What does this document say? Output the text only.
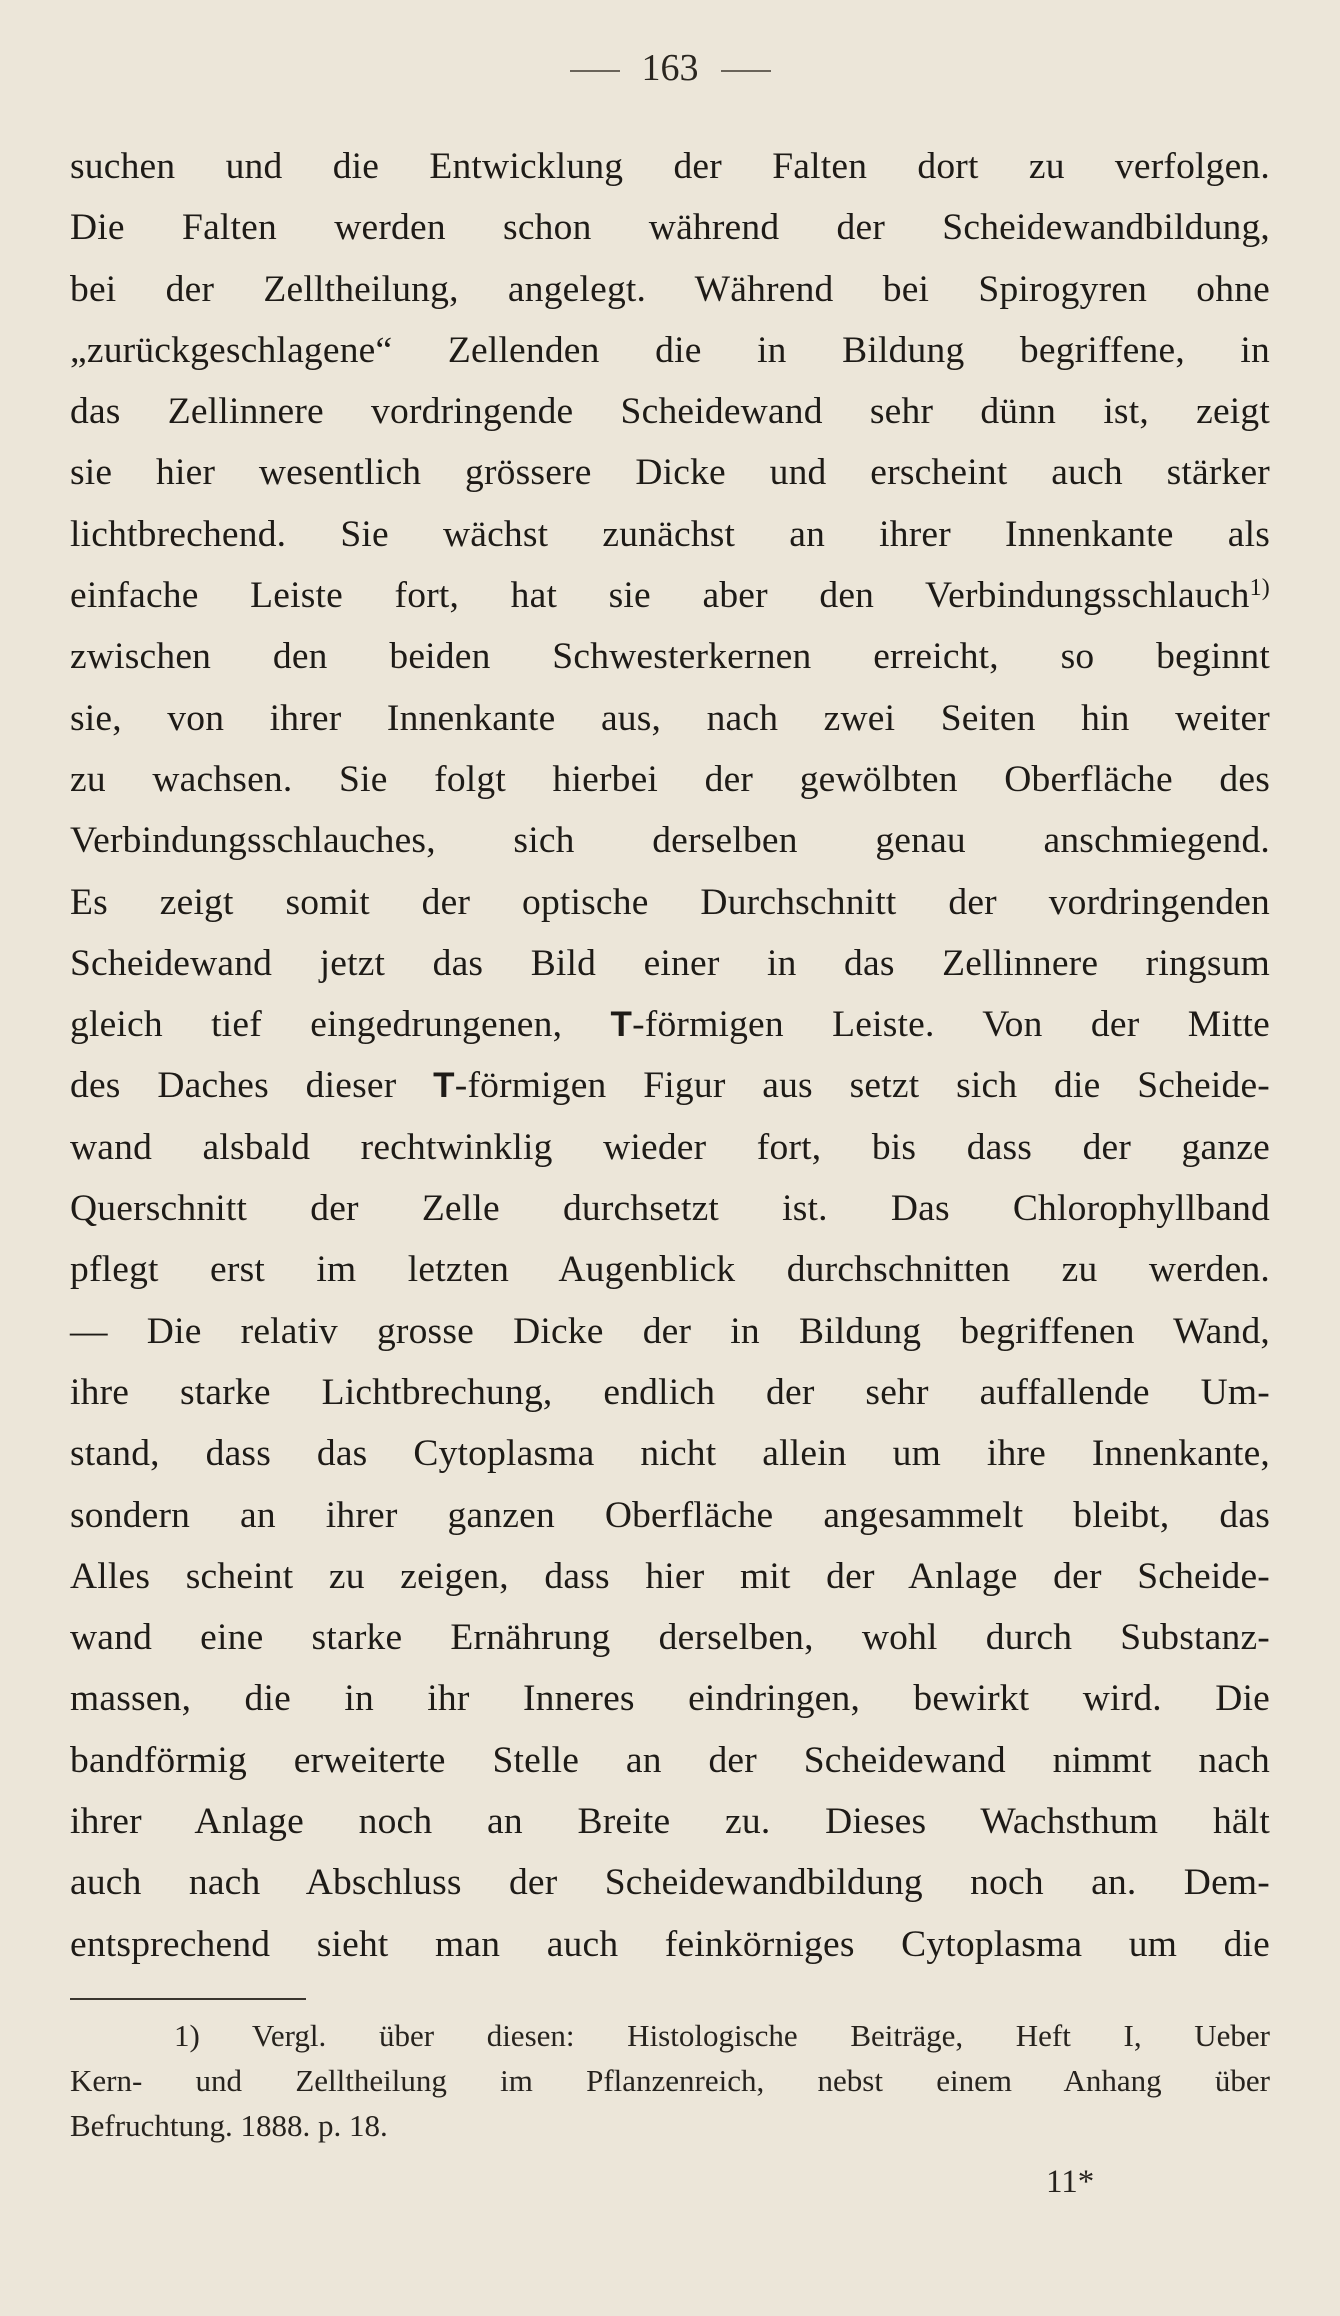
163
suchen und die Entwicklung der Falten dort zu verfolgen.
Die Falten werden schon während der Scheidewandbildung,
bei der Zelltheilung, angelegt. Während bei Spirogyren ohne
„zurückgeschlagene“ Zellenden die in Bildung begriffene, in
das Zellinnere vordringende Scheidewand sehr dünn ist, zeigt
sie hier wesentlich grössere Dicke und erscheint auch stärker
lichtbrechend. Sie wächst zunächst an ihrer Innenkante als
einfache Leiste fort, hat sie aber den Verbindungsschlauch$^{1)}$
zwischen den beiden Schwesterkernen erreicht, so beginnt
sie, von ihrer Innenkante aus, nach zwei Seiten hin weiter
zu wachsen. Sie folgt hierbei der gewölbten Oberfläche des
Verbindungsschlauches, sich derselben genau anschmiegend.
Es zeigt somit der optische Durchschnitt der vordringenden
Scheidewand jetzt das Bild einer in das Zellinnere ringsum
gleich tief eingedrungenen, T-förmigen Leiste. Von der Mitte
des Daches dieser T-förmigen Figur aus setzt sich die Scheide-
wand alsbald rechtwinklig wieder fort, bis dass der ganze
Querschnitt der Zelle durchsetzt ist. Das Chlorophyllband
pflegt erst im letzten Augenblick durchschnitten zu werden.
— Die relativ grosse Dicke der in Bildung begriffenen Wand,
ihre starke Lichtbrechung, endlich der sehr auffallende Um-
stand, dass das Cytoplasma nicht allein um ihre Innenkante,
sondern an ihrer ganzen Oberfläche angesammelt bleibt, das
Alles scheint zu zeigen, dass hier mit der Anlage der Scheide-
wand eine starke Ernährung derselben, wohl durch Substanz-
massen, die in ihr Inneres eindringen, bewirkt wird. Die
bandförmig erweiterte Stelle an der Scheidewand nimmt nach
ihrer Anlage noch an Breite zu. Dieses Wachsthum hält
auch nach Abschluss der Scheidewandbildung noch an. Dem-
entsprechend sieht man auch feinkörniges Cytoplasma um die
1) Vergl. über diesen: Histologische Beiträge, Heft I, Ueber
Kern- und Zelltheilung im Pflanzenreich, nebst einem Anhang über
Befruchtung. 1888. p. 18.
11*
